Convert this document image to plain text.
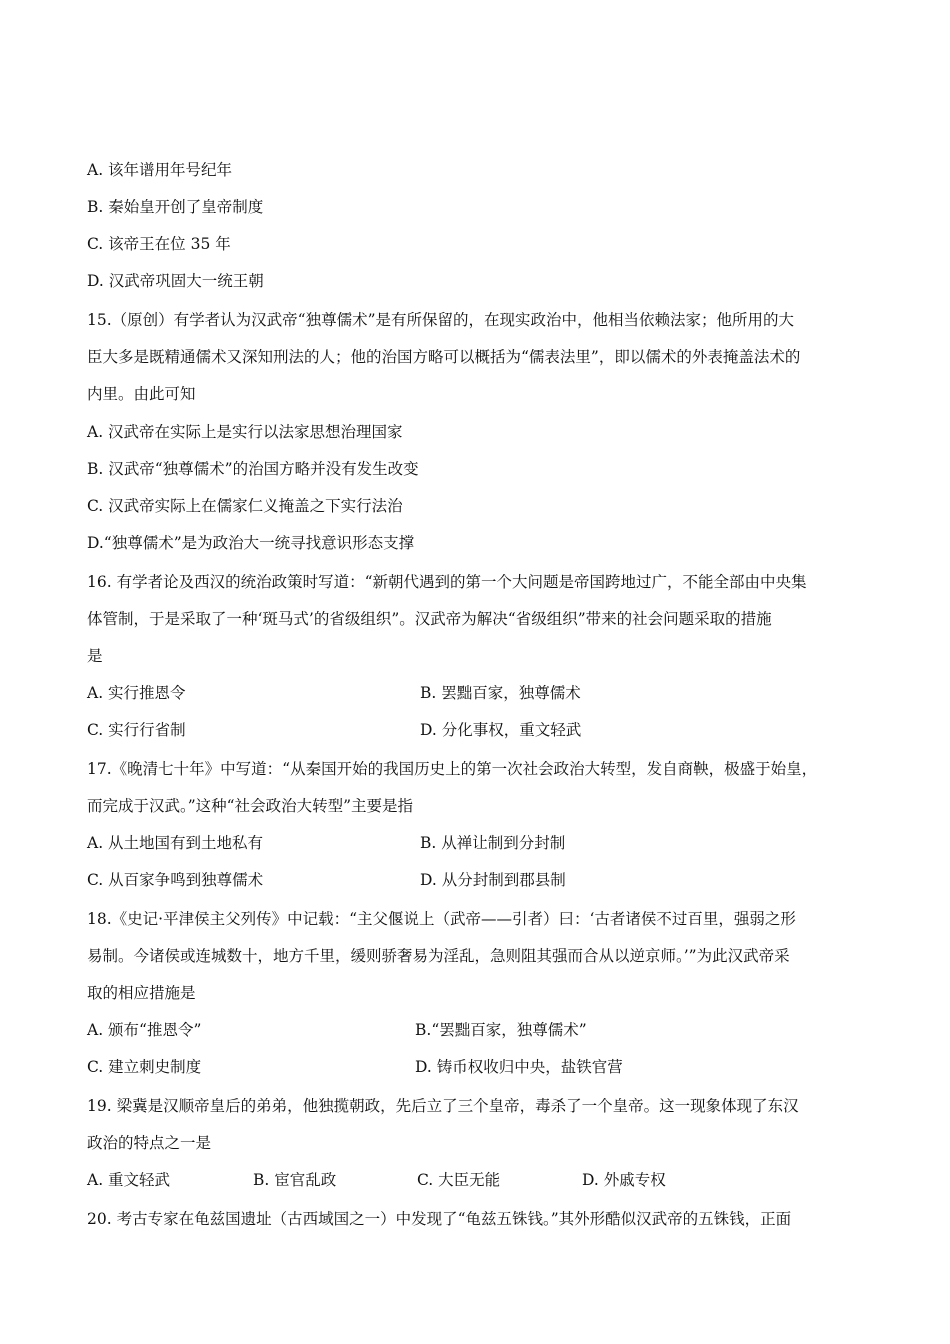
A. 该年谱用年号纪年
B. 秦始皇开创了皇帝制度
C. 该帝王在位 35 年
D. 汉武帝巩固大一统王朝
15.（原创）有学者认为汉武帝“独尊儒术”是有所保留的，在现实政治中，他相当依赖法家；他所用的大
臣大多是既精通儒术又深知刑法的人；他的治国方略可以概括为“儒表法里”，即以儒术的外表掩盖法术的
内里。由此可知
A. 汉武帝在实际上是实行以法家思想治理国家
B. 汉武帝“独尊儒术”的治国方略并没有发生改变
C. 汉武帝实际上在儒家仁义掩盖之下实行法治
D.“独尊儒术”是为政治大一统寻找意识形态支撑
16. 有学者论及西汉的统治政策时写道：“新朝代遇到的第一个大问题是帝国跨地过广，不能全部由中央集
体管制，于是采取了一种‘斑马式’的省级组织”。汉武帝为解决“省级组织”带来的社会问题采取的措施
是
A. 实行推恩令	B. 罢黜百家，独尊儒术
C. 实行行省制	D. 分化事权，重文轻武
17.《晚清七十年》中写道：“从秦国开始的我国历史上的第一次社会政治大转型，发自商鞅，极盛于始皇，
而完成于汉武。”这种“社会政治大转型”主要是指
A. 从土地国有到土地私有	B. 从禅让制到分封制
C. 从百家争鸣到独尊儒术	D. 从分封制到郡县制
18.《史记·平津侯主父列传》中记载：“主父偃说上（武帝——引者）曰：‘古者诸侯不过百里，强弱之形
易制。今诸侯或连城数十，地方千里，缓则骄奢易为淫乱，急则阻其强而合从以逆京师。’”为此汉武帝采
取的相应措施是
A. 颁布“推恩令”	B.“罢黜百家，独尊儒术”
C. 建立刺史制度	D. 铸币权收归中央，盐铁官营
19. 梁冀是汉顺帝皇后的弟弟，他独揽朝政，先后立了三个皇帝，毒杀了一个皇帝。这一现象体现了东汉
政治的特点之一是
A. 重文轻武	B. 宦官乱政	C. 大臣无能	D. 外戚专权
20. 考古专家在龟兹国遗址（古西域国之一）中发现了“龟兹五铢钱。”其外形酷似汉武帝的五铢钱，正面
